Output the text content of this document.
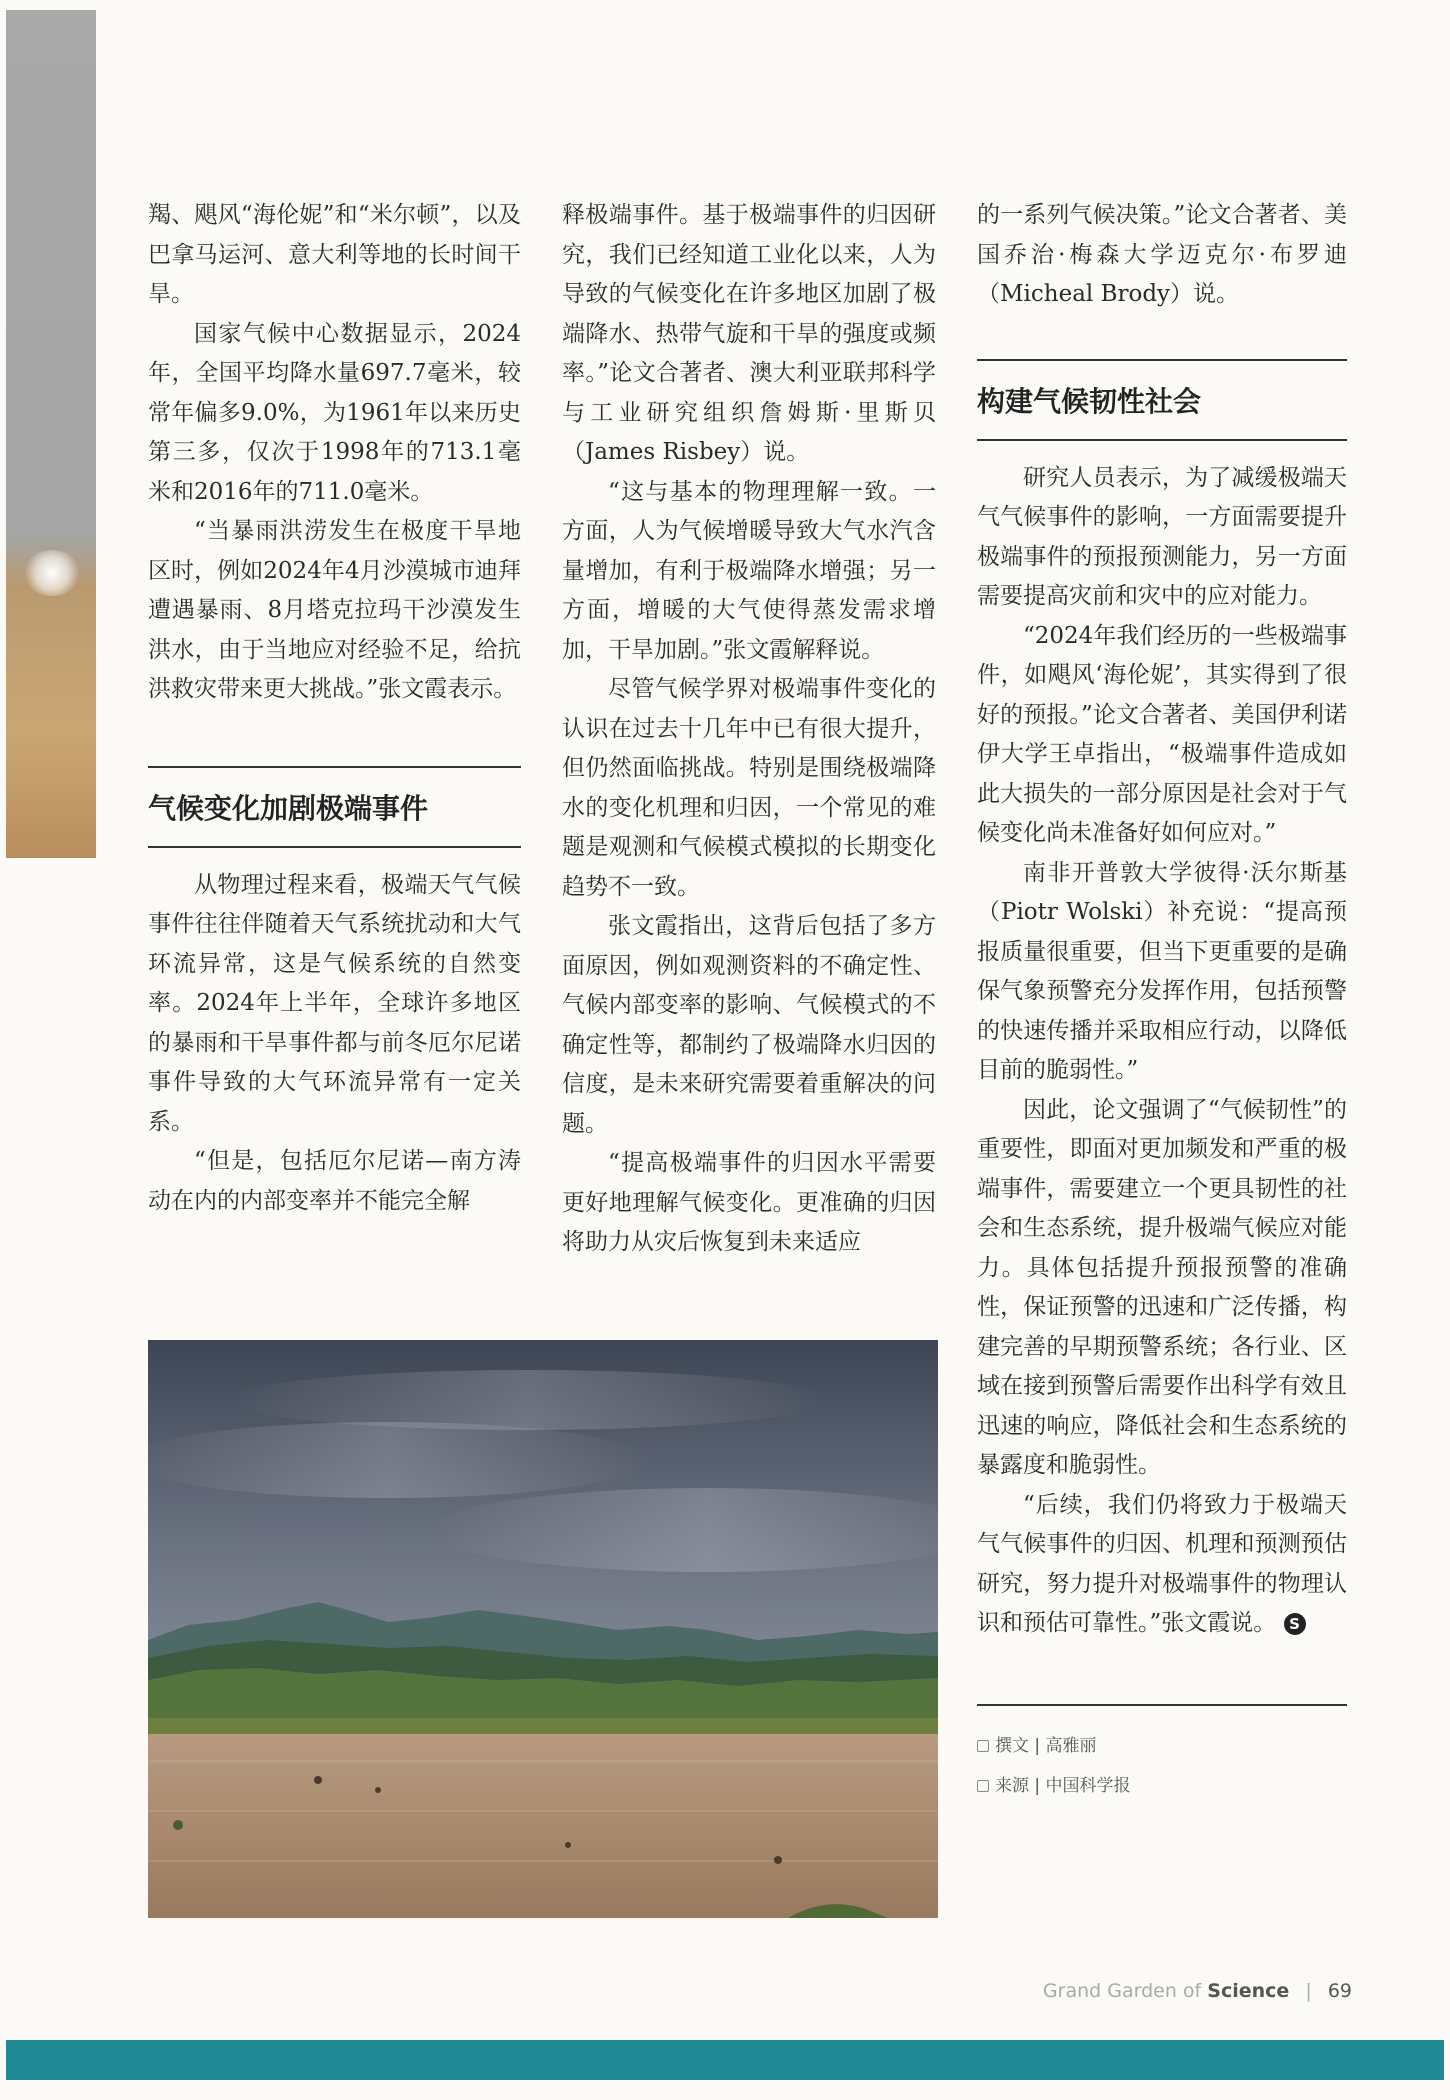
羯、飓风“海伦妮”和“米尔顿”，以及巴拿马运河、意大利等地的长时间干旱。

国家气候中心数据显示，2024年，全国平均降水量697.7毫米，较常年偏多9.0%，为1961年以来历史第三多，仅次于1998年的713.1毫米和2016年的711.0毫米。

“当暴雨洪涝发生在极度干旱地区时，例如2024年4月沙漠城市迪拜遭遇暴雨、8月塔克拉玛干沙漠发生洪水，由于当地应对经验不足，给抗洪救灾带来更大挑战。”张文霞表示。

气候变化加剧极端事件

从物理过程来看，极端天气气候事件往往伴随着天气系统扰动和大气环流异常，这是气候系统的自然变率。2024年上半年，全球许多地区的暴雨和干旱事件都与前冬厄尔尼诺事件导致的大气环流异常有一定关系。

“但是，包括厄尔尼诺—南方涛动在内的内部变率并不能完全解

释极端事件。基于极端事件的归因研究，我们已经知道工业化以来，人为导致的气候变化在许多地区加剧了极端降水、热带气旋和干旱的强度或频率。”论文合著者、澳大利亚联邦科学与工业研究组织詹姆斯·里斯贝（James Risbey）说。

“这与基本的物理理解一致。一方面，人为气候增暖导致大气水汽含量增加，有利于极端降水增强；另一方面，增暖的大气使得蒸发需求增加，干旱加剧。”张文霞解释说。

尽管气候学界对极端事件变化的认识在过去十几年中已有很大提升，但仍然面临挑战。特别是围绕极端降水的变化机理和归因，一个常见的难题是观测和气候模式模拟的长期变化趋势不一致。

张文霞指出，这背后包括了多方面原因，例如观测资料的不确定性、气候内部变率的影响、气候模式的不确定性等，都制约了极端降水归因的信度，是未来研究需要着重解决的问题。

“提高极端事件的归因水平需要更好地理解气候变化。更准确的归因将助力从灾后恢复到未来适应

的一系列气候决策。”论文合著者、美国乔治·梅森大学迈克尔·布罗迪（Micheal Brody）说。

构建气候韧性社会

研究人员表示，为了减缓极端天气气候事件的影响，一方面需要提升极端事件的预报预测能力，另一方面需要提高灾前和灾中的应对能力。

“2024年我们经历的一些极端事件，如飓风‘海伦妮’，其实得到了很好的预报。”论文合著者、美国伊利诺伊大学王卓指出，“极端事件造成如此大损失的一部分原因是社会对于气候变化尚未准备好如何应对。”

南非开普敦大学彼得·沃尔斯基（Piotr Wolski）补充说：“提高预报质量很重要，但当下更重要的是确保气象预警充分发挥作用，包括预警的快速传播并采取相应行动，以降低目前的脆弱性。”

因此，论文强调了“气候韧性”的重要性，即面对更加频发和严重的极端事件，需要建立一个更具韧性的社会和生态系统，提升极端气候应对能力。具体包括提升预报预警的准确性，保证预警的迅速和广泛传播，构建完善的早期预警系统；各行业、区域在接到预警后需要作出科学有效且迅速的响应，降低社会和生态系统的暴露度和脆弱性。

“后续，我们仍将致力于极端天气气候事件的归因、机理和预测预估研究，努力提升对极端事件的物理认识和预估可靠性。”张文霞说。 S

撰文 | 高雅丽
来源 | 中国科学报
Grand Garden of Science | 69
